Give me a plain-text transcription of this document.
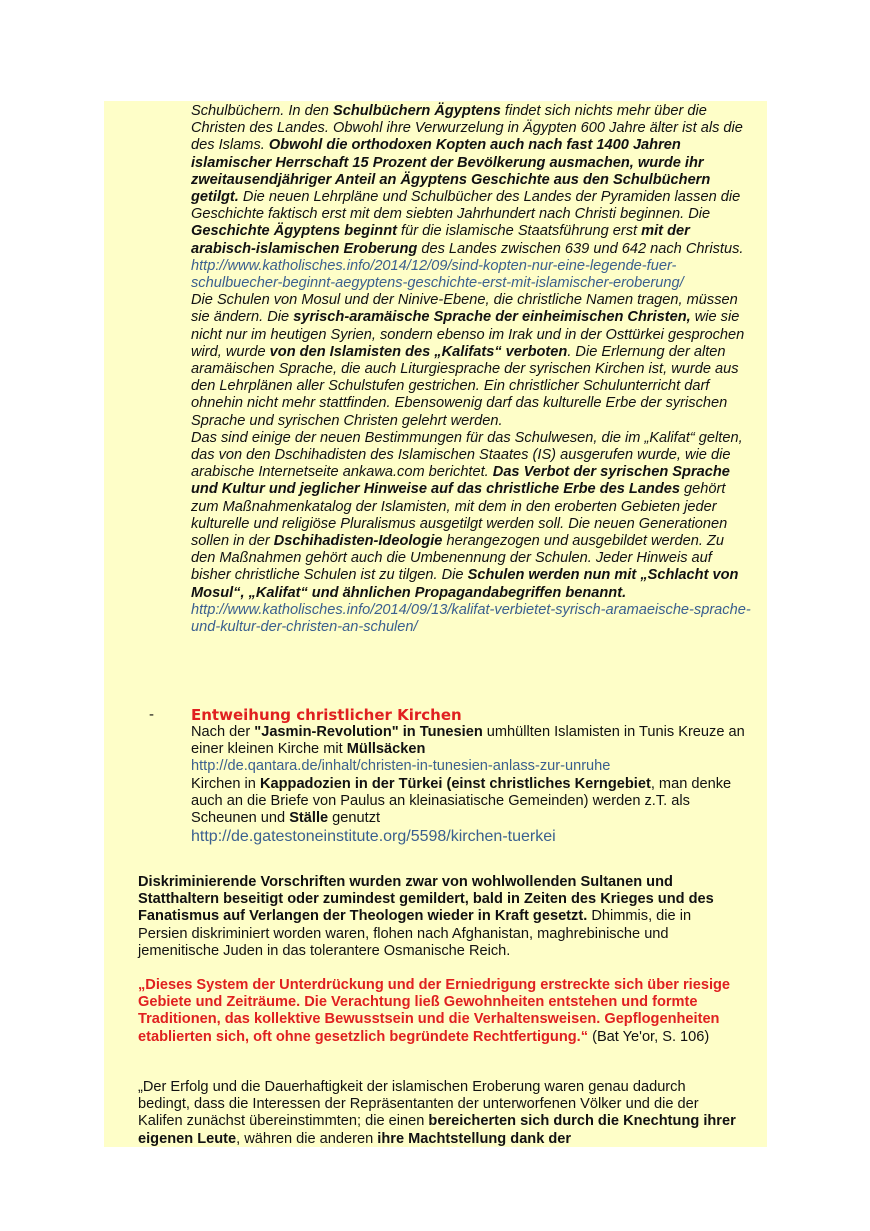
Schulbüchern. In den Schulbüchern Ägyptens findet sich nichts mehr über die Christen des Landes. Obwohl ihre Verwurzelung in Ägypten 600 Jahre älter ist als die des Islams. Obwohl die orthodoxen Kopten auch nach fast 1400 Jahren islamischer Herrschaft 15 Prozent der Bevölkerung ausmachen, wurde ihr zweitausendjähriger Anteil an Ägyptens Geschichte aus den Schulbüchern getilgt. Die neuen Lehrpläne und Schulbücher des Landes der Pyramiden lassen die Geschichte faktisch erst mit dem siebten Jahrhundert nach Christi beginnen. Die Geschichte Ägyptens beginnt für die islamische Staatsführung erst mit der arabisch-islamischen Eroberung des Landes zwischen 639 und 642 nach Christus.

http://www.katholisches.info/2014/12/09/sind-kopten-nur-eine-legende-fuer-schulbuecher-beginnt-aegyptens-geschichte-erst-mit-islamischer-eroberung/

Die Schulen von Mosul und der Ninive-Ebene, die christliche Namen tragen, müssen sie ändern. Die syrisch-aramäische Sprache der einheimischen Christen, wie sie nicht nur im heutigen Syrien, sondern ebenso im Irak und in der Osttürkei gesprochen wird, wurde von den Islamisten des „Kalifats“ verboten. Die Erlernung der alten aramäischen Sprache, die auch Liturgiesprache der syrischen Kirchen ist, wurde aus den Lehrplänen aller Schulstufen gestrichen. Ein christlicher Schulunterricht darf ohnehin nicht mehr stattfinden. Ebensowenig darf das kulturelle Erbe der syrischen Sprache und syrischen Christen gelehrt werden.

Das sind einige der neuen Bestimmungen für das Schulwesen, die im „Kalifat“ gelten, das von den Dschihadisten des Islamischen Staates (IS) ausgerufen wurde, wie die arabische Internetseite ankawa.com berichtet. Das Verbot der syrischen Sprache und Kultur und jeglicher Hinweise auf das christliche Erbe des Landes gehört zum Maßnahmenkatalog der Islamisten, mit dem in den eroberten Gebieten jeder kulturelle und religiöse Pluralismus ausgetilgt werden soll. Die neuen Generationen sollen in der Dschihadisten-Ideologie herangezogen und ausgebildet werden. Zu den Maßnahmen gehört auch die Umbenennung der Schulen. Jeder Hinweis auf bisher christliche Schulen ist zu tilgen. Die Schulen werden nun mit „Schlacht von Mosul“, „Kalifat“ und ähnlichen Propagandabegriffen benannt.

http://www.katholisches.info/2014/09/13/kalifat-verbietet-syrisch-aramaeische-sprache-und-kultur-der-christen-an-schulen/

- Entweihung christlicher Kirchen

Nach der "Jasmin-Revolution" in Tunesien umhüllten Islamisten in Tunis Kreuze an einer kleinen Kirche mit Müllsäcken

http://de.qantara.de/inhalt/christen-in-tunesien-anlass-zur-unruhe

Kirchen in Kappadozien in der Türkei (einst christliches Kerngebiet, man denke auch an die Briefe von Paulus an kleinasiatische Gemeinden) werden z.T. als Scheunen und Ställe genutzt

http://de.gatestoneinstitute.org/5598/kirchen-tuerkei

Diskriminierende Vorschriften wurden zwar von wohlwollenden Sultanen und Statthaltern beseitigt oder zumindest gemildert, bald in Zeiten des Krieges und des Fanatismus auf Verlangen der Theologen wieder in Kraft gesetzt. Dhimmis, die in Persien diskriminiert worden waren, flohen nach Afghanistan, maghrebinische und jemenitische Juden in das tolerantere Osmanische Reich.
„Dieses System der Unterdrückung und der Erniedrigung erstreckte sich über riesige Gebiete und Zeiträume. Die Verachtung ließ Gewohnheiten entstehen und formte Traditionen, das kollektive Bewusstsein und die Verhaltensweisen. Gepflogenheiten etablierten sich, oft ohne gesetzlich begründete Rechtfertigung.“ (Bat Ye'or, S. 106)
„Der Erfolg und die Dauerhaftigkeit der islamischen Eroberung waren genau dadurch bedingt, dass die Interessen der Repräsentanten der unterworfenen Völker und die der Kalifen zunächst übereinstimmten; die einen bereicherten sich durch die Knechtung ihrer eigenen Leute, währen die anderen ihre Machtstellung dank der
